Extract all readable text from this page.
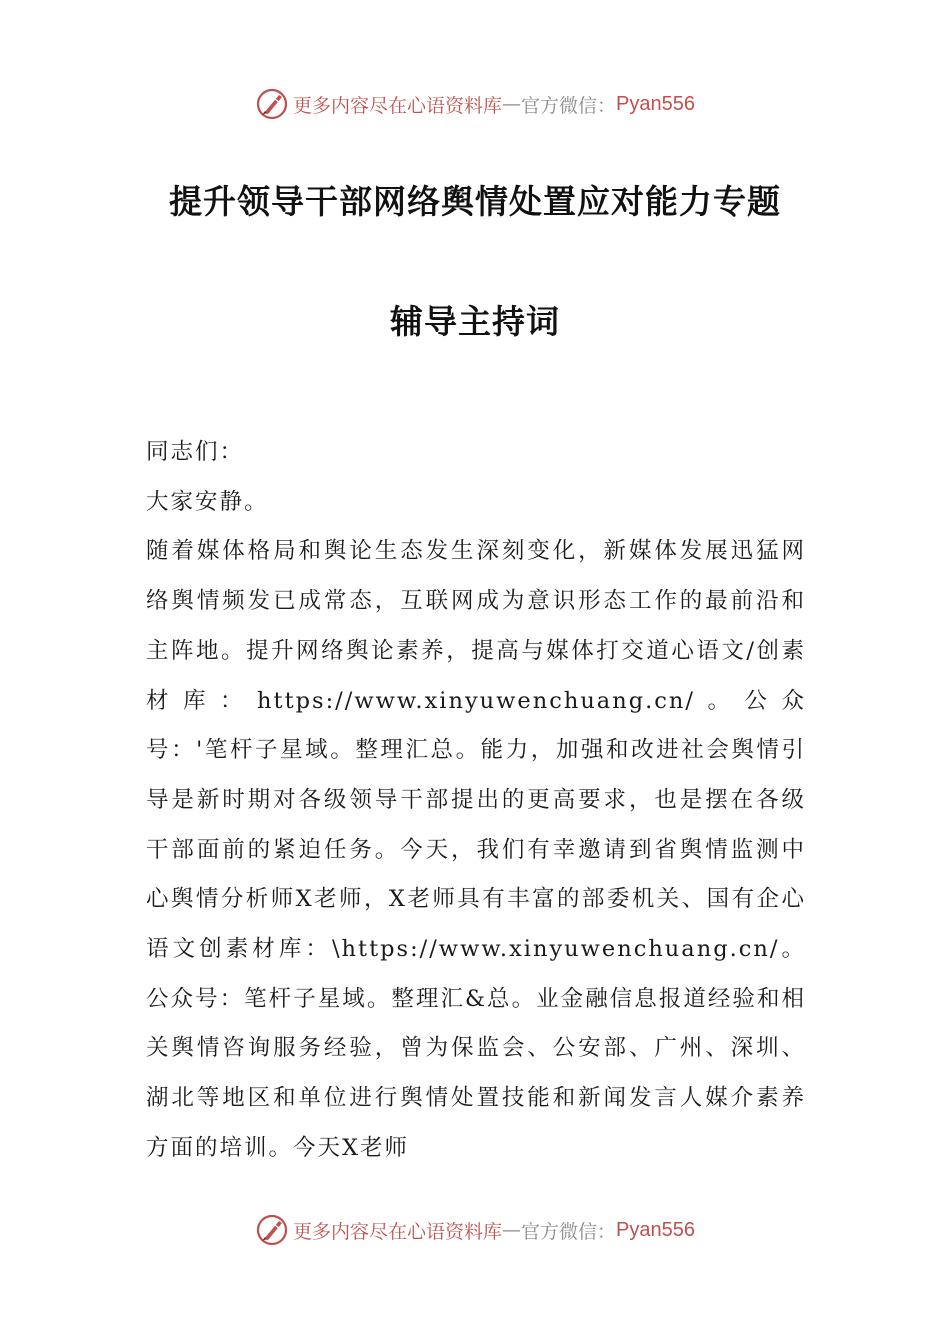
更多内容尽在心语资料库 — 官方微信： Pyan556
提升领导干部网络舆情处置应对能力专题
辅导主持词

同志们：

大家安静。

随着媒体格局和舆论生态发生深刻变化，新媒体发展迅猛网络舆情频发已成常态，互联网成为意识形态工作的最前沿和主阵地。提升网络舆论素养，提高与媒体打交道心语文/创素材库：https://www.xinyuwenchuang.cn/。公众号：'笔杆子星域。整理汇总。能力，加强和改进社会舆情引导是新时期对各级领导干部提出的更高要求，也是摆在各级干部面前的紧迫任务。今天，我们有幸邀请到省舆情监测中心舆情分析师X老师，X老师具有丰富的部委机关、国有企心语文创素材库：\https://www.xinyuwenchuang.cn/。公众号：笔杆子星域。整理汇&总。业金融信息报道经验和相关舆情咨询服务经验，曾为保监会、公安部、广州、深圳、湖北等地区和单位进行舆情处置技能和新闻发言人媒介素养方面的培训。今天X老师

更多内容尽在心语资料库 — 官方微信： Pyan556
